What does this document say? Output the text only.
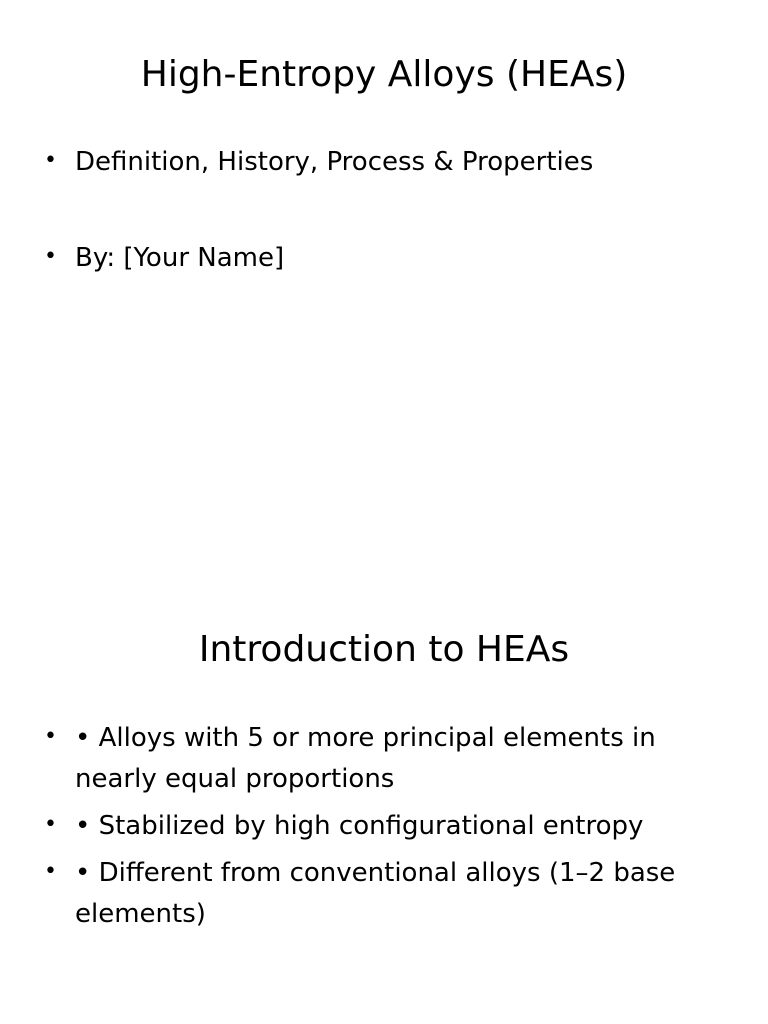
High-Entropy Alloys (HEAs)
• Definition, History, Process & Properties
• By: [Your Name]
Introduction to HEAs
• • Alloys with 5 or more principal elements in nearly equal proportions
• • Stabilized by high configurational entropy
• • Different from conventional alloys (1–2 base elements)
